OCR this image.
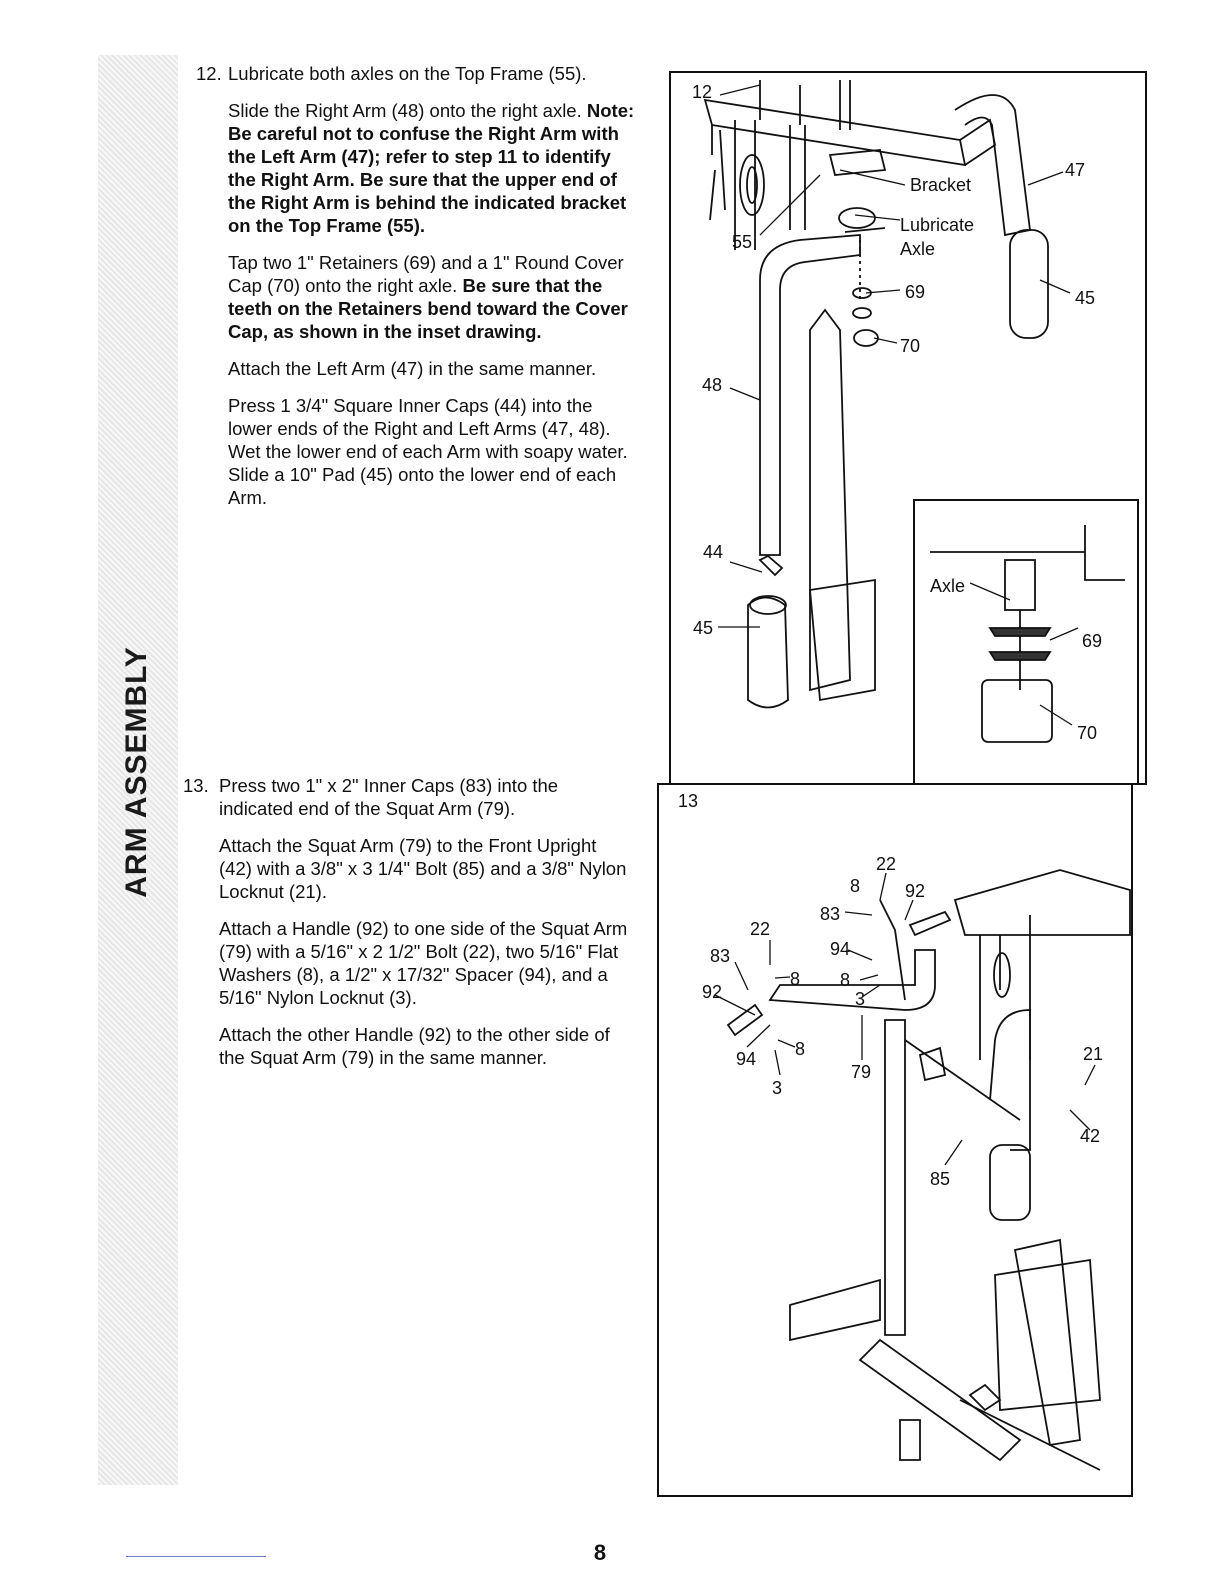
ARM ASSEMBLY
12. Lubricate both axles on the Top Frame (55).

Slide the Right Arm (48) onto the right axle. Note: Be careful not to confuse the Right Arm with the Left Arm (47); refer to step 11 to identify the Right Arm. Be sure that the upper end of the Right Arm is behind the indicated bracket on the Top Frame (55).

Tap two 1" Retainers (69) and a 1" Round Cover Cap (70) onto the right axle. Be sure that the teeth on the Retainers bend toward the Cover Cap, as shown in the inset drawing.

Attach the Left Arm (47) in the same manner.

Press 1 3/4" Square Inner Caps (44) into the lower ends of the Right and Left Arms (47, 48). Wet the lower end of each Arm with soapy water. Slide a 10" Pad (45) onto the lower end of each Arm.

13. Press two 1" x 2" Inner Caps (83) into the indicated end of the Squat Arm (79).

Attach the Squat Arm (79) to the Front Upright (42) with a 3/8" x 3 1/4" Bolt (85) and a 3/8" Nylon Locknut (21).

Attach a Handle (92) to one side of the Squat Arm (79) with a 5/16" x 2 1/2" Bolt (22), two 5/16" Flat Washers (8), a 1/2" x 17/32" Spacer (94), and a 5/16" Nylon Locknut (3).

Attach the other Handle (92) to the other side of the Squat Arm (79) in the same manner.

12
Bracket
Lubricate
Axle
47
45
55
69
70
48
44
45
Axle
69
70
13
22
8 92
83
94
8
3
22
83
8
92
94 8
3
79
21
42
85
8
